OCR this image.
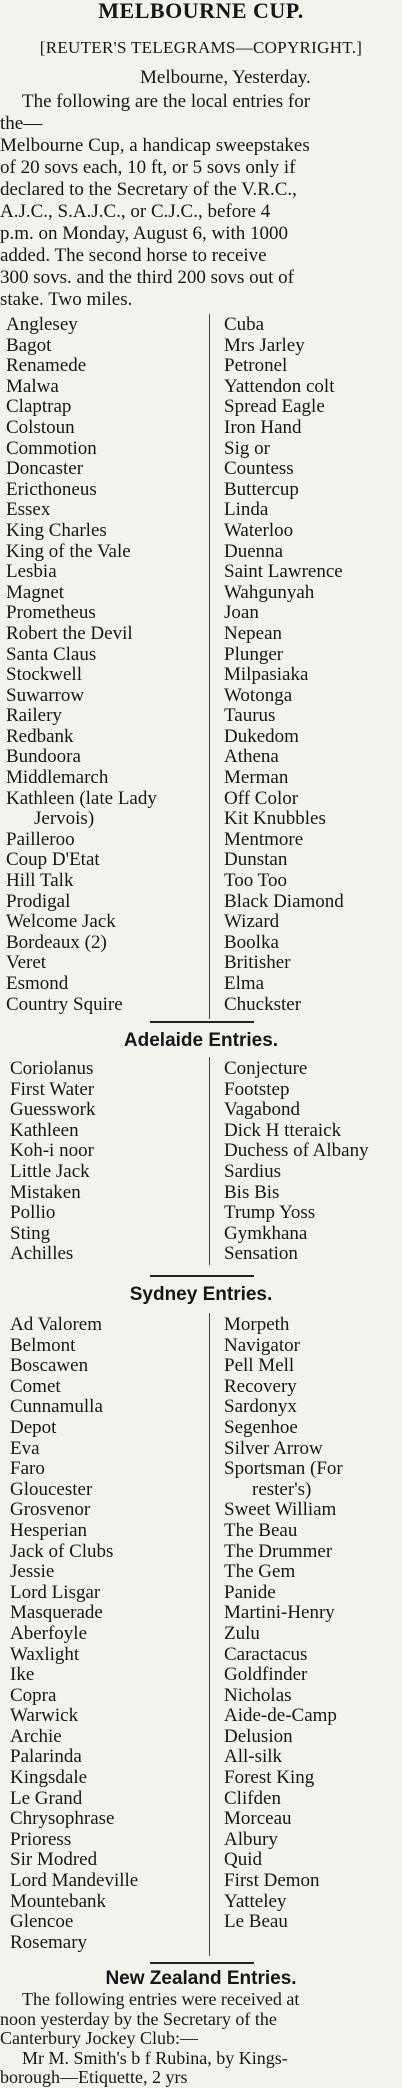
MELBOURNE CUP.
[REUTER'S TELEGRAMS—COPYRIGHT.]
Melbourne, Yesterday.
The following are the local entries for
the—
Melbourne Cup, a handicap sweepstakes
of 20 sovs each, 10 ft, or 5 sovs only if
declared to the Secretary of the V.R.C.,
A.J.C., S.A.J.C., or C.J.C., before 4
p.m. on Monday, August 6, with 1000
added. The second horse to receive
300 sovs. and the third 200 sovs out of
stake. Two miles.
Anglesey
Bagot
Renamede
Malwa
Claptrap
Colstoun
Commotion
Doncaster
Ericthoneus
Essex
King Charles
King of the Vale
Lesbia
Magnet
Prometheus
Robert the Devil
Santa Claus
Stockwell
Suwarrow
Railery
Redbank
Bundoora
Middlemarch
Kathleen (late Lady
Jervois)
Pailleroo
Coup D'Etat
Hill Talk
Prodigal
Welcome Jack
Bordeaux (2)
Veret
Esmond
Country Squire
Cuba
Mrs Jarley
Petronel
Yattendon colt
Spread Eagle
Iron Hand
Sig or
Countess
Buttercup
Linda
Waterloo
Duenna
Saint Lawrence
Wahgunyah
Joan
Nepean
Plunger
Milpasiaka
Wotonga
Taurus
Dukedom
Athena
Merman
Off Color
Kit Knubbles
Mentmore
Dunstan
Too Too
Black Diamond
Wizard
Boolka
Britisher
Elma
Chuckster
Adelaide Entries.
Coriolanus
First Water
Guesswork
Kathleen
Koh-i noor
Little Jack
Mistaken
Pollio
Sting
Achilles
Conjecture
Footstep
Vagabond
Dick H tteraick
Duchess of Albany
Sardius
Bis Bis
Trump Yoss
Gymkhana
Sensation
Sydney Entries.
Ad Valorem
Belmont
Boscawen
Comet
Cunnamulla
Depot
Eva
Faro
Gloucester
Grosvenor
Hesperian
Jack of Clubs
Jessie
Lord Lisgar
Masquerade
Aberfoyle
Waxlight
Ike
Copra
Warwick
Archie
Palarinda
Kingsdale
Le Grand
Chrysophrase
Prioress
Sir Modred
Lord Mandeville
Mountebank
Glencoe
Rosemary
Morpeth
Navigator
Pell Mell
Recovery
Sardonyx
Segenhoe
Silver Arrow
Sportsman (For
rester's)
Sweet William
The Beau
The Drummer
The Gem
Panide
Martini-Henry
Zulu
Caractacus
Goldfinder
Nicholas
Aide-de-Camp
Delusion
All-silk
Forest King
Clifden
Morceau
Albury
Quid
First Demon
Yatteley
Le Beau
New Zealand Entries.
The following entries were received at
noon yesterday by the Secretary of the
Canterbury Jockey Club:—
Mr M. Smith's b f Rubina, by Kings-
borough—Etiquette, 2 yrs
